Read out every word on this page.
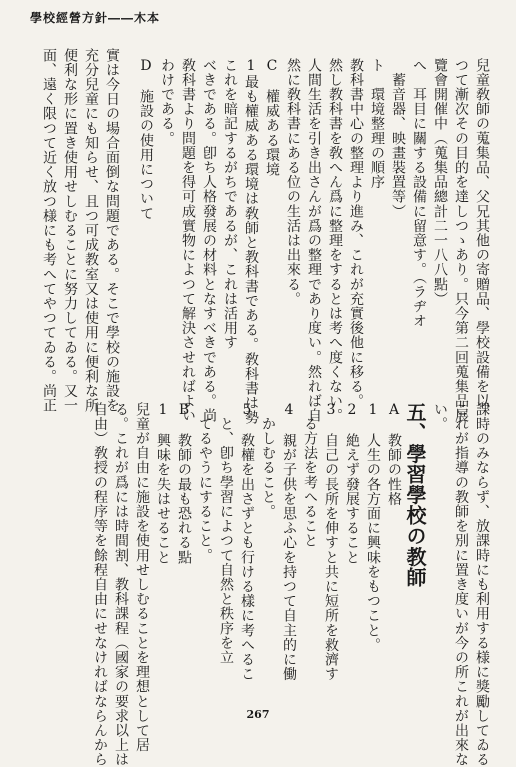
學校經營方針――木本
實は今日の場合面倒な問題である。そこで學校の施設を
充分兒童にも知らせ、且つ可成教室又は使用に便利な所
便利な形に置き使用せしむることに努力してゐる。又一
面、遠く限つて近く放つ様にも考へてやつてゐる。尚正	兒童敎師の蒐集品、父兄其他の寄贈品、學校設備を以
つて漸次その目的を達しつゝあり。只今第二回蒐集品展
覽會開催中（蒐集品總計二一八八點）
へ　耳目に關する設備に留意す。（ラヂオ
　蓄音器、映畫裝置等）
ト　環境整理の順序
教科書中心の整理より進み、これが充實後他に移る。
然し教科書を敎へん爲に整理をするとは考へ度くない。
人間生活を引き出さんが爲の整理であり度い。然れば自
然に敎科書にある位の生活は出來る。
C　權威ある環境
1最も權威ある環境は敎師と教科書である。敎科書は勢
これを暗記するがちであるが、これは活用す
べきである。卽ち人格發展の材料となすべきである。尚
敎科書より問題を得可成實物によつて解決させればよい
わけである。
D　施設の使用について
課時のみならず、放課時にも利用する様に獎勵してゐる
これが指導の教師を別に置き度いが今の所これが出來な
い。
五、學習學校の教師
A　教師の性格
1　人生の各方面に興味をもつこと。
2　絶えず發展すること
3　自己の長所を伸すと共に短所を救濟す
　る方法を考へること
4　親が子供を思ふ心を持つて自主的に働
　かしむること。
5　敎權を出さずとも行ける樣に考へるこ
　と、卽ち學習によつて自然と秩序を立
　てるやうにすること。
B　教師の最も恐れる點
1　興味を失はせること
兒童が自由に施設を使用せしむることを理想として居
る。これが爲には時間割、教科課程（國家の要求以上は
自由）敎授の程序等を餘程自由にせなければならんから	267
